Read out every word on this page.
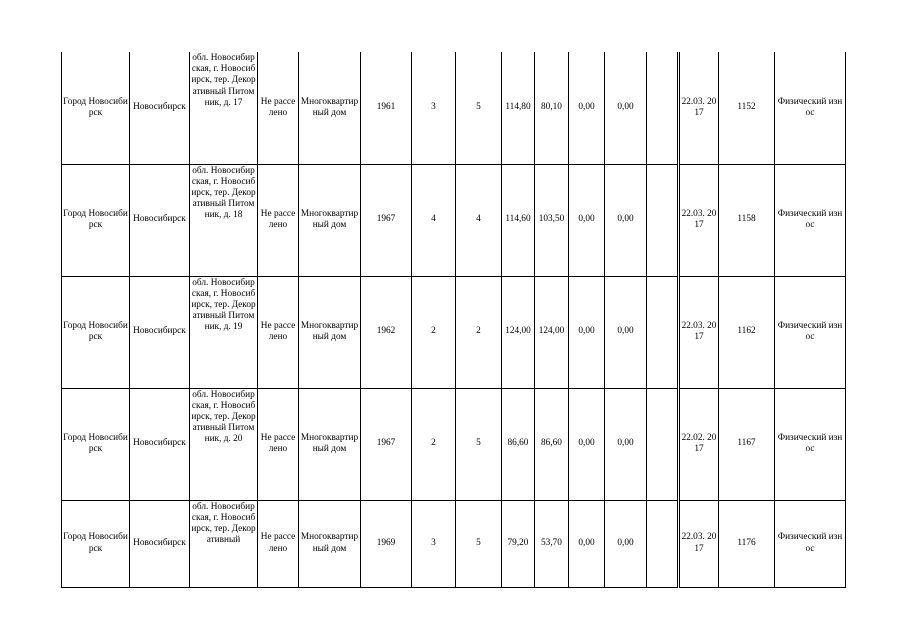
Город Новосибирск	Новосибирск	обл. Новосибирская, г. Новосибирск, тер. Декоративный Питомник, д. 17	Не расселено	Многоквартирный дом	1961	3	5	114,80	80,10	0,00	0,00		22.03. 2017	1152	Физический износ
Город Новосибирск	Новосибирск	обл. Новосибирская, г. Новосибирск, тер. Декоративный Питомник, д. 18	Не расселено	Многоквартирный дом	1967	4	4	114,60	103,50	0,00	0,00		22.03. 2017	1158	Физический износ
Город Новосибирск	Новосибирск	обл. Новосибирская, г. Новосибирск, тер. Декоративный Питомник, д. 19	Не расселено	Многоквартирный дом	1962	2	2	124,00	124,00	0,00	0,00		22.03. 2017	1162	Физический износ
Город Новосибирск	Новосибирск	обл. Новосибирская, г. Новосибирск, тер. Декоративный Питомник, д. 20	Не расселено	Многоквартирный дом	1967	2	5	86,60	86,60	0,00	0,00		22.02. 2017	1167	Физический износ
Город Новосибирск	Новосибирск	обл. Новосибирская, г. Новосибирск, тер. Декоративный	Не расселено	Многоквартирный дом	1969	3	5	79,20	53,70	0,00	0,00		22.03. 2017	1176	Физический износ
